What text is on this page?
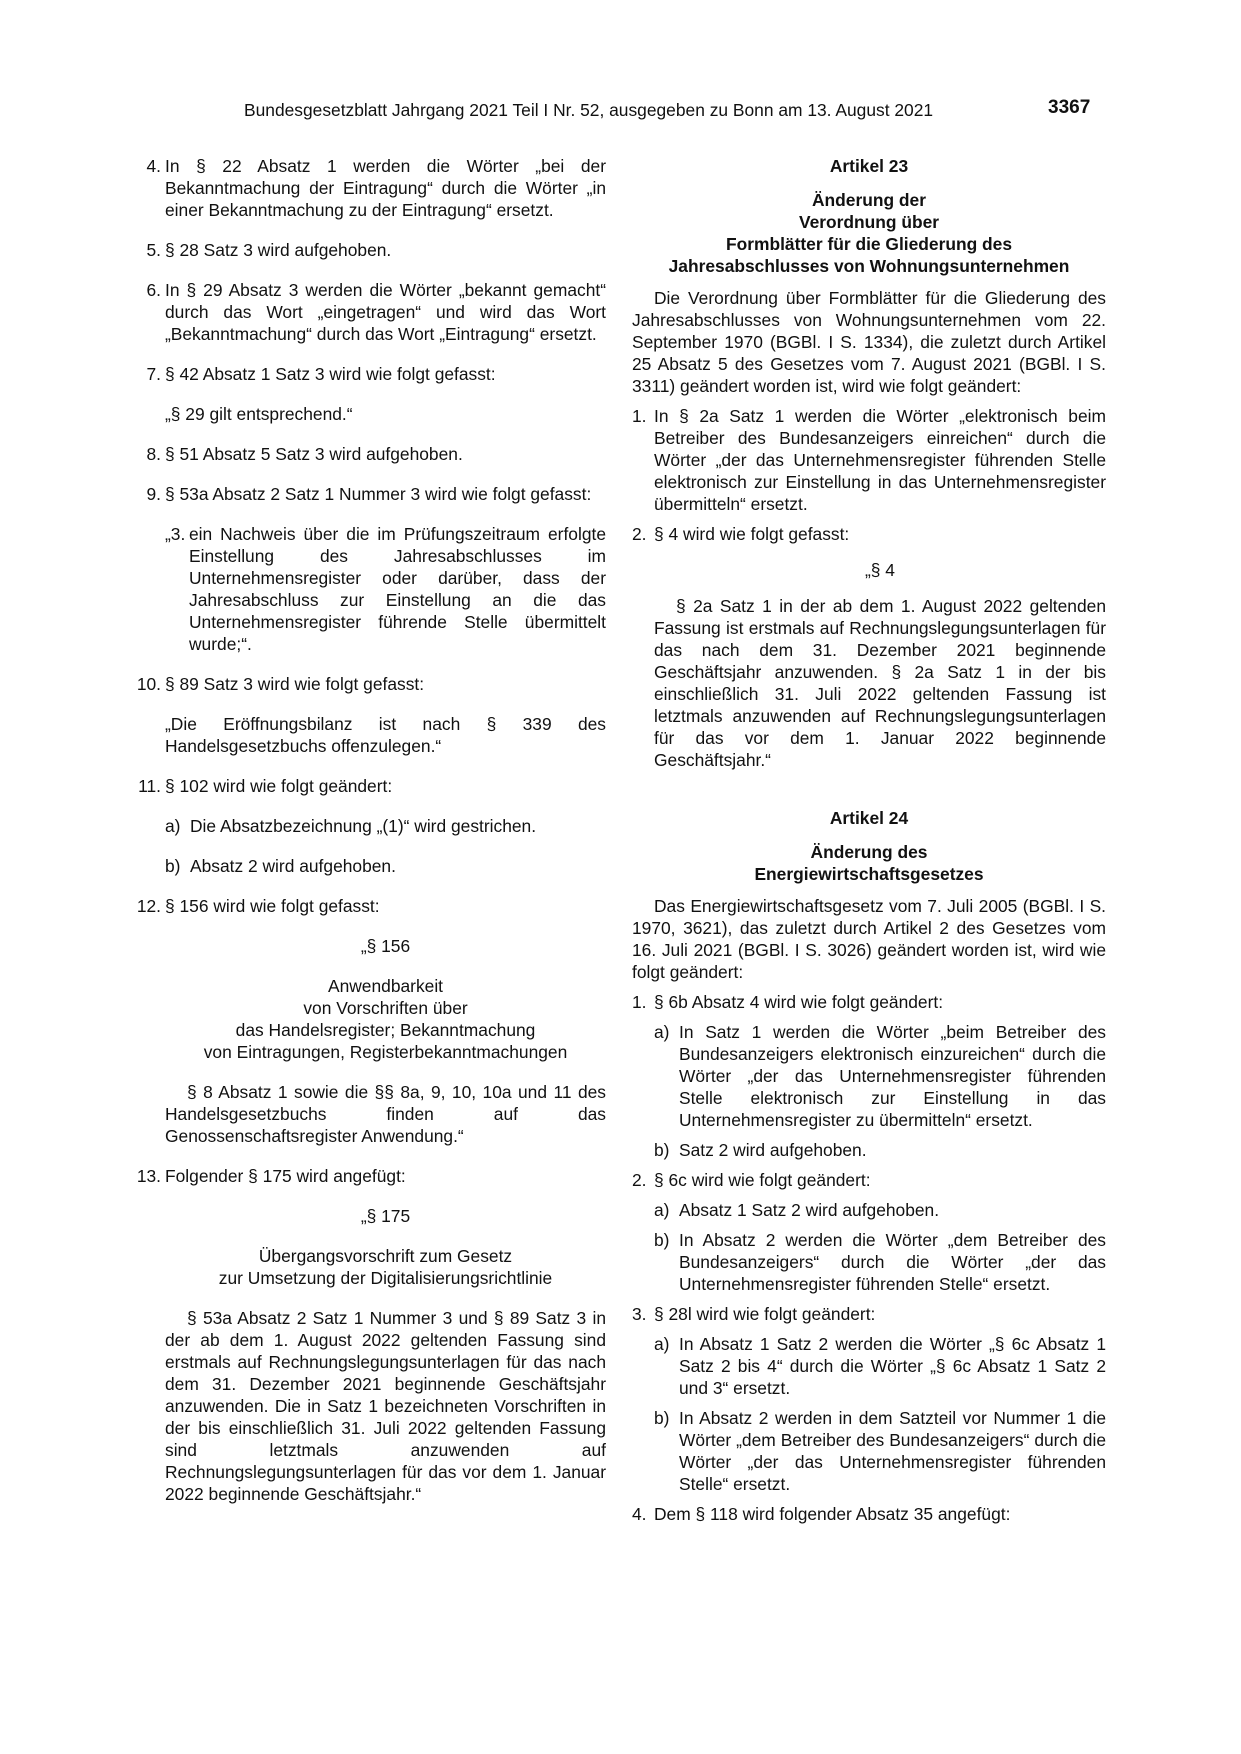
Bundesgesetzblatt Jahrgang 2021 Teil I Nr. 52, ausgegeben zu Bonn am 13. August 2021	3367
4. In § 22 Absatz 1 werden die Wörter „bei der Bekanntmachung der Eintragung“ durch die Wörter „in einer Bekanntmachung zu der Eintragung“ ersetzt.

5. § 28 Satz 3 wird aufgehoben.

6. In § 29 Absatz 3 werden die Wörter „bekannt gemacht“ durch das Wort „eingetragen“ und wird das Wort „Bekanntmachung“ durch das Wort „Eintragung“ ersetzt.

7. § 42 Absatz 1 Satz 3 wird wie folgt gefasst:

„§ 29 gilt entsprechend.“

8. § 51 Absatz 5 Satz 3 wird aufgehoben.

9. § 53a Absatz 2 Satz 1 Nummer 3 wird wie folgt gefasst:

„3. ein Nachweis über die im Prüfungszeitraum erfolgte Einstellung des Jahresabschlusses im Unternehmensregister oder darüber, dass der Jahresabschluss zur Einstellung an die das Unternehmensregister führende Stelle übermittelt wurde;“.

10. § 89 Satz 3 wird wie folgt gefasst:

„Die Eröffnungsbilanz ist nach § 339 des Handelsgesetzbuchs offenzulegen.“

11. § 102 wird wie folgt geändert:

a) Die Absatzbezeichnung „(1)“ wird gestrichen.

b) Absatz 2 wird aufgehoben.

12. § 156 wird wie folgt gefasst:

„§ 156

Anwendbarkeit

von Vorschriften über

das Handelsregister; Bekanntmachung

von Eintragungen, Registerbekanntmachungen

§ 8 Absatz 1 sowie die §§ 8a, 9, 10, 10a und 11 des Handelsgesetzbuchs finden auf das Genossenschaftsregister Anwendung.“

13. Folgender § 175 wird angefügt:

„§ 175

Übergangsvorschrift zum Gesetz

zur Umsetzung der Digitalisierungsrichtlinie

§ 53a Absatz 2 Satz 1 Nummer 3 und § 89 Satz 3 in der ab dem 1. August 2022 geltenden Fassung sind erstmals auf Rechnungslegungsunterlagen für das nach dem 31. Dezember 2021 beginnende Geschäftsjahr anzuwenden. Die in Satz 1 bezeichneten Vorschriften in der bis einschließlich 31. Juli 2022 geltenden Fassung sind letztmals anzuwenden auf Rechnungslegungsunterlagen für das vor dem 1. Januar 2022 beginnende Geschäftsjahr.“

Artikel 23

Änderung der

Verordnung über

Formblätter für die Gliederung des

Jahresabschlusses von Wohnungsunternehmen

Die Verordnung über Formblätter für die Gliederung des Jahresabschlusses von Wohnungsunternehmen vom 22. September 1970 (BGBl. I S. 1334), die zuletzt durch Artikel 25 Absatz 5 des Gesetzes vom 7. August 2021 (BGBl. I S. 3311) geändert worden ist, wird wie folgt geändert:

1. In § 2a Satz 1 werden die Wörter „elektronisch beim Betreiber des Bundesanzeigers einreichen“ durch die Wörter „der das Unternehmensregister führenden Stelle elektronisch zur Einstellung in das Unternehmensregister übermitteln“ ersetzt.

2. § 4 wird wie folgt gefasst:

„§ 4

§ 2a Satz 1 in der ab dem 1. August 2022 geltenden Fassung ist erstmals auf Rechnungslegungsunterlagen für das nach dem 31. Dezember 2021 beginnende Geschäftsjahr anzuwenden. § 2a Satz 1 in der bis einschließlich 31. Juli 2022 geltenden Fassung ist letztmals anzuwenden auf Rechnungslegungsunterlagen für das vor dem 1. Januar 2022 beginnende Geschäftsjahr.“

Artikel 24

Änderung des

Energiewirtschaftsgesetzes

Das Energiewirtschaftsgesetz vom 7. Juli 2005 (BGBl. I S. 1970, 3621), das zuletzt durch Artikel 2 des Gesetzes vom 16. Juli 2021 (BGBl. I S. 3026) geändert worden ist, wird wie folgt geändert:

1. § 6b Absatz 4 wird wie folgt geändert:

a) In Satz 1 werden die Wörter „beim Betreiber des Bundesanzeigers elektronisch einzureichen“ durch die Wörter „der das Unternehmensregister führenden Stelle elektronisch zur Einstellung in das Unternehmensregister zu übermitteln“ ersetzt.

b) Satz 2 wird aufgehoben.

2. § 6c wird wie folgt geändert:

a) Absatz 1 Satz 2 wird aufgehoben.

b) In Absatz 2 werden die Wörter „dem Betreiber des Bundesanzeigers“ durch die Wörter „der das Unternehmensregister führenden Stelle“ ersetzt.

3. § 28l wird wie folgt geändert:

a) In Absatz 1 Satz 2 werden die Wörter „§ 6c Absatz 1 Satz 2 bis 4“ durch die Wörter „§ 6c Absatz 1 Satz 2 und 3“ ersetzt.

b) In Absatz 2 werden in dem Satzteil vor Nummer 1 die Wörter „dem Betreiber des Bundesanzeigers“ durch die Wörter „der das Unternehmensregister führenden Stelle“ ersetzt.

4. Dem § 118 wird folgender Absatz 35 angefügt:
